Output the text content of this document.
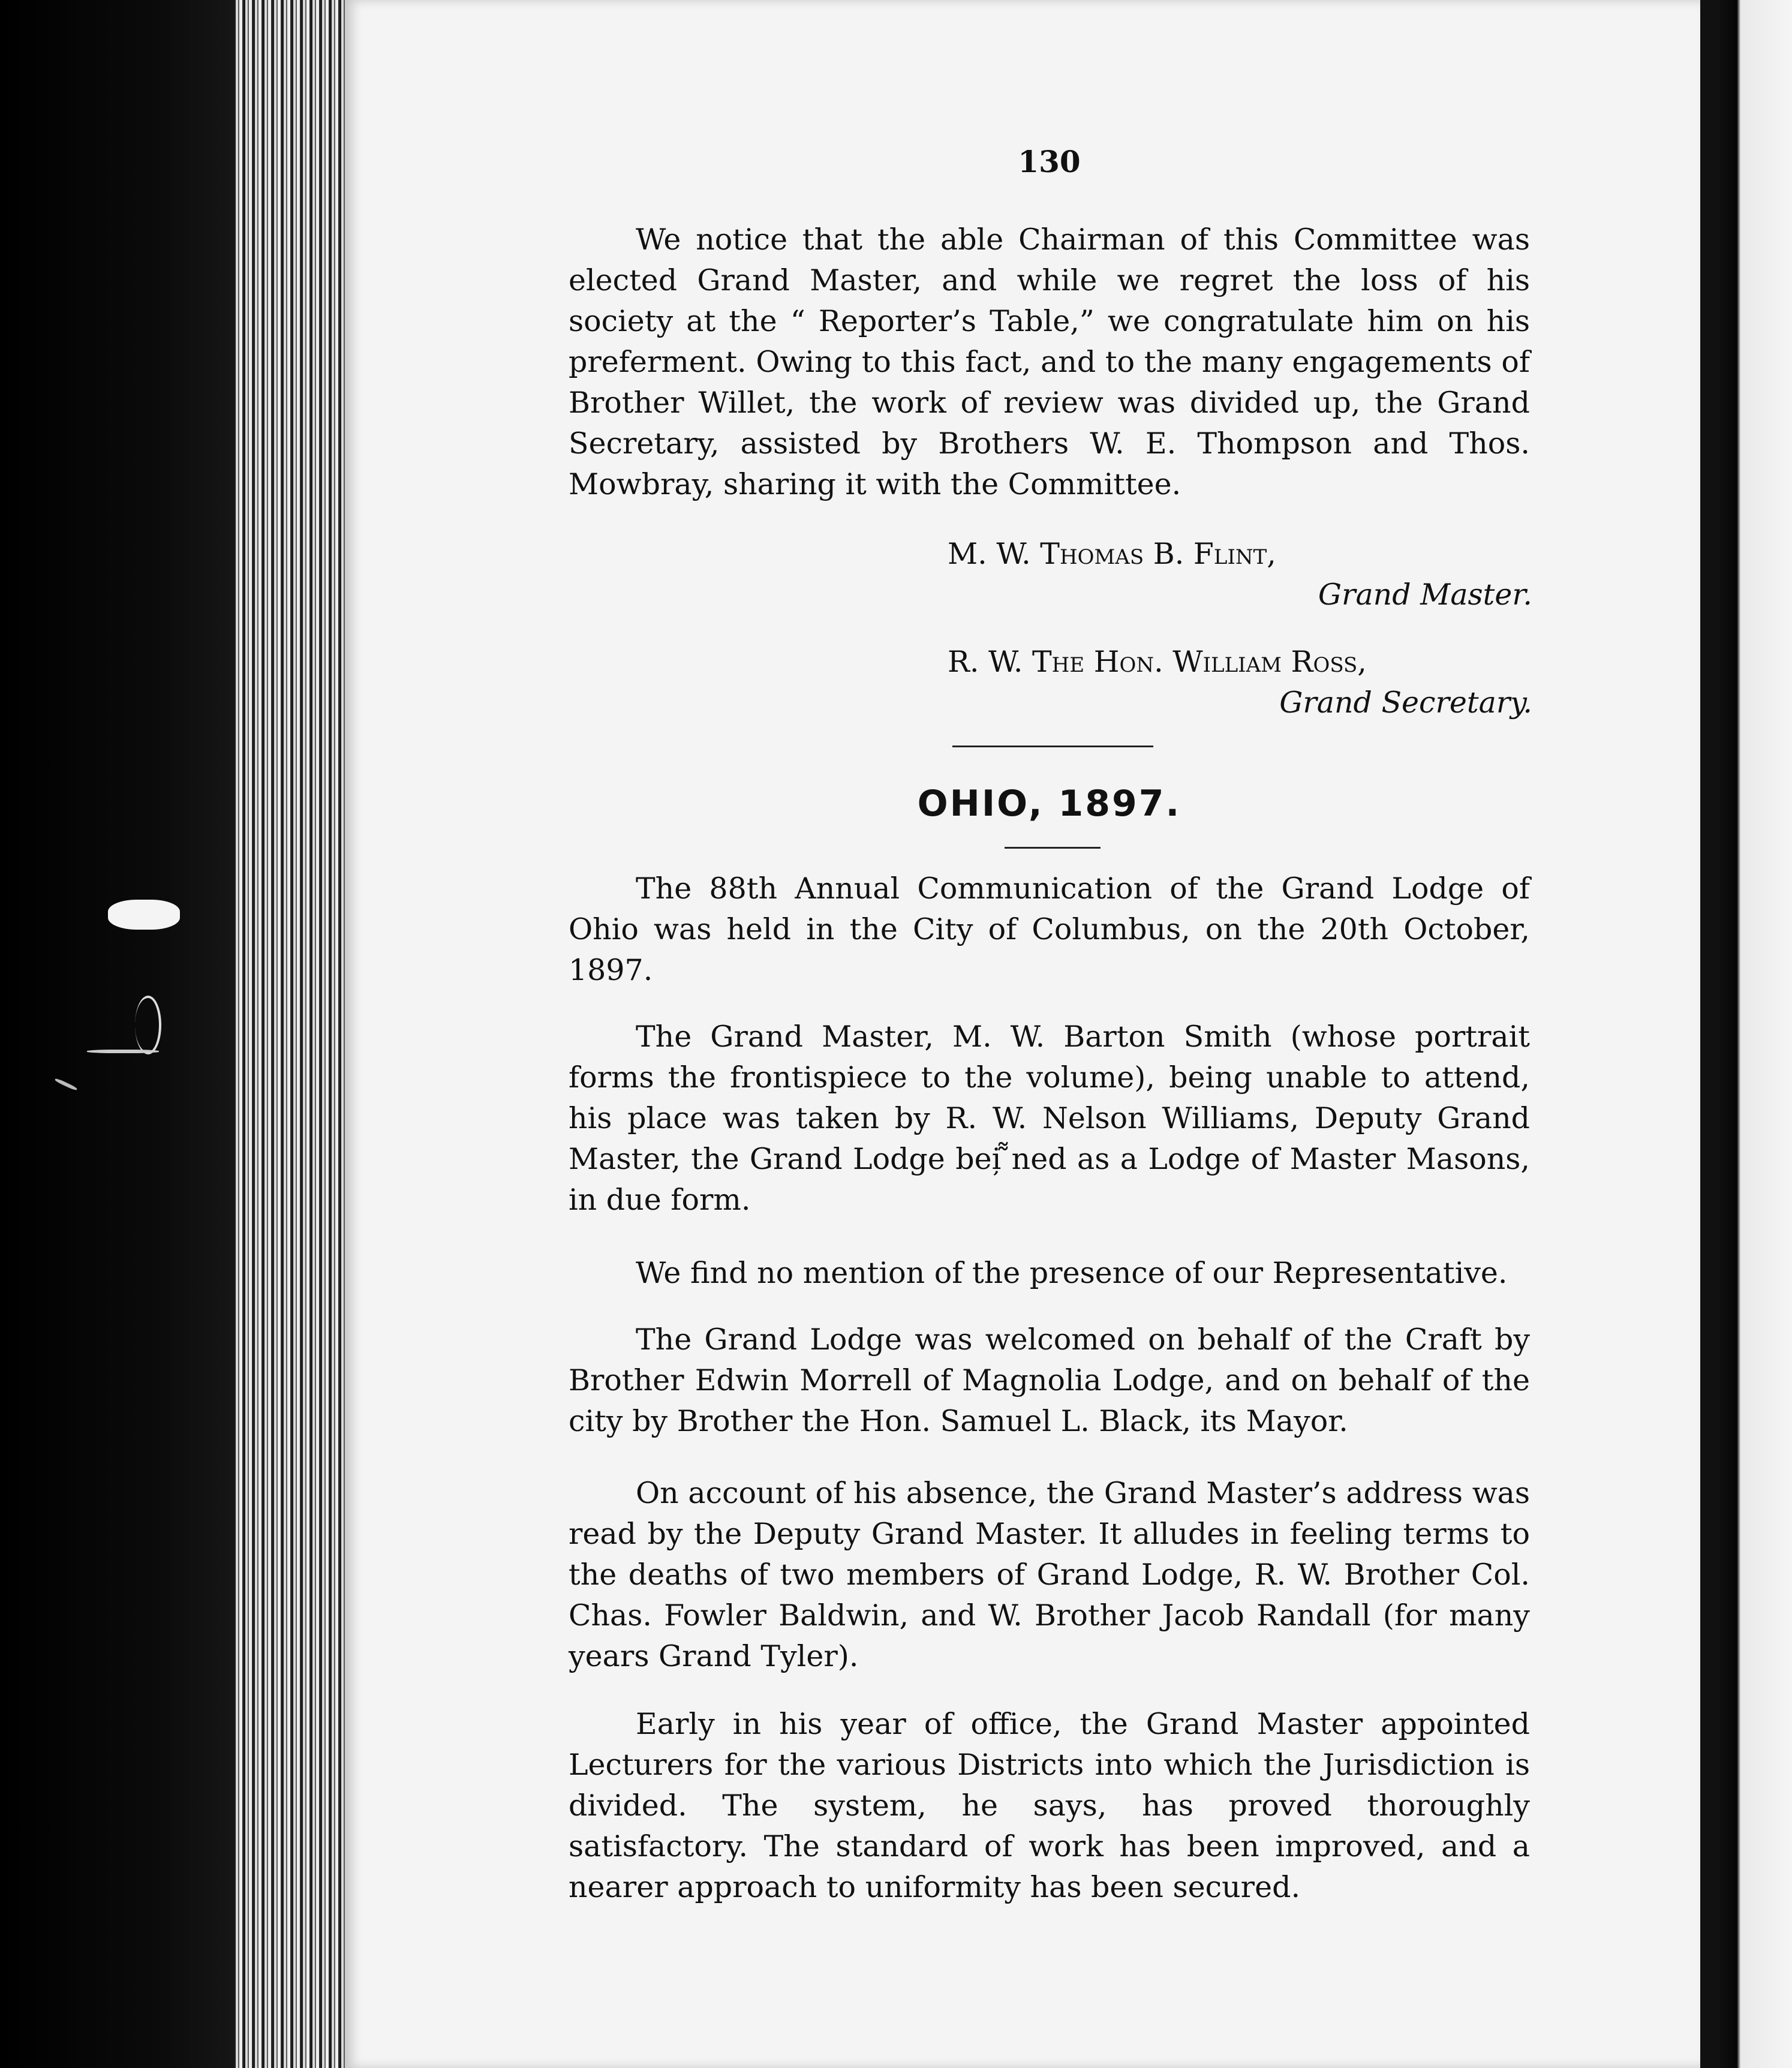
130

We notice that the able Chairman of this Committee was elected Grand Master, and while we regret the loss of his society at the “ Reporter’s Table,” we congratulate him on his preferment. Owing to this fact, and to the many engagements of Brother Willet, the work of review was divided up, the Grand Secretary, assisted by Brothers W. E. Thompson and Thos. Mowbray, sharing it with the Committee.

M. W. Thomas B. Flint,
Grand Master.
R. W. The Hon. William Ross,
Grand Secretary.
OHIO, 1897.

The 88th Annual Communication of the Grand Lodge of Ohio was held in the City of Columbus, on the 20th October, 1897.

The Grand Master, M. W. Barton Smith (whose portrait forms the frontispiece to the volume), being unable to attend, his place was taken by R. W. Nelson Williams, Deputy Grand Master, the Grand Lodge bei̦̦ ̃̃ned as a Lodge of Master Masons, in due form.

We find no mention of the presence of our Representative.

The Grand Lodge was welcomed on behalf of the Craft by Brother Edwin Morrell of Magnolia Lodge, and on behalf of the city by Brother the Hon. Samuel L. Black, its Mayor.

On account of his absence, the Grand Master’s address was read by the Deputy Grand Master. It alludes in feeling terms to the deaths of two members of Grand Lodge, R. W. Brother Col. Chas. Fowler Baldwin, and W. Brother Jacob Randall (for many years Grand Tyler).

Early in his year of office, the Grand Master appointed Lecturers for the various Districts into which the Jurisdiction is divided. The system, he says, has proved thoroughly satisfactory. The standard of work has been improved, and a nearer approach to uniformity has been secured.
